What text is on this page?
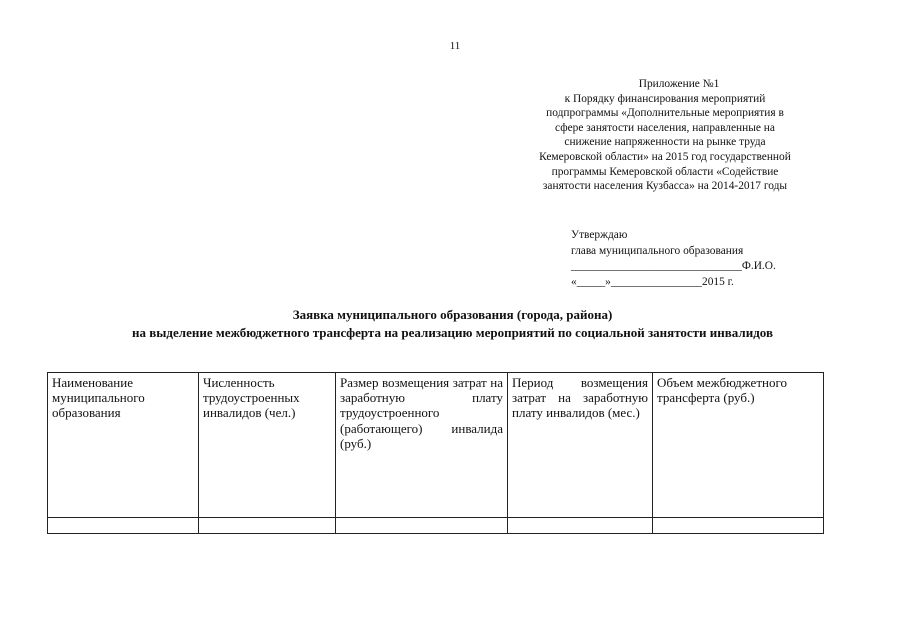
11
Приложение №1
к Порядку финансирования мероприятий
подпрограммы «Дополнительные мероприятия в
сфере занятости населения, направленные на
снижение напряженности на рынке труда
Кемеровской области» на 2015 год государственной
программы Кемеровской области «Содействие
занятости населения Кузбасса» на 2014-2017 годы
Утверждаю
глава муниципального образования
______________________________Ф.И.О.
«_____»________________2015 г.
Заявка муниципального образования (города, района)
на выделение межбюджетного трансферта на реализацию мероприятий по социальной занятости инвалидов
Наименование муниципального образования	Численность трудоустроенных инвалидов (чел.)	Размер возмещения затрат на заработную плату трудоустроенного (работающего) инвалида (руб.)	Период возмещения затрат на заработную плату инвалидов (мес.)	Объем межбюджетного трансферта (руб.)
